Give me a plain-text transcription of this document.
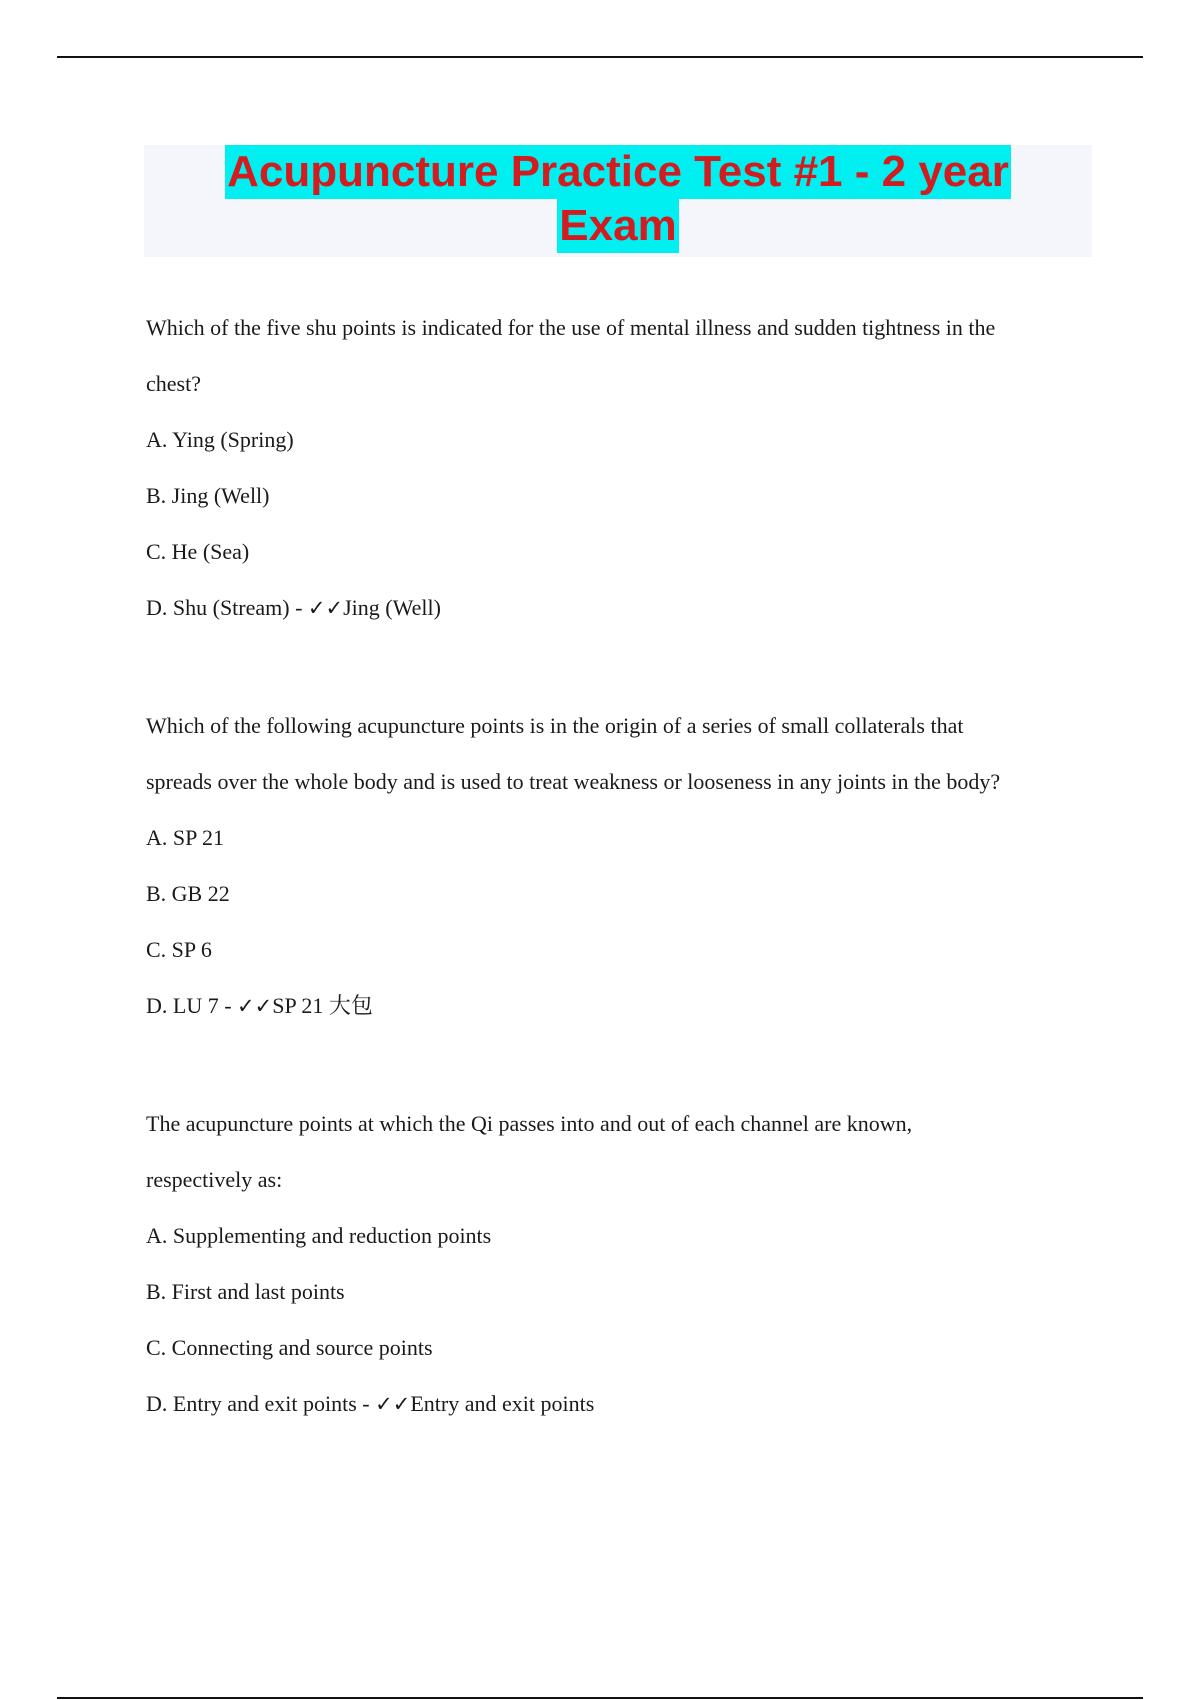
Acupuncture Practice Test #1 - 2 year
Exam

Which of the five shu points is indicated for the use of mental illness and sudden tightness in the

chest?

A. Ying (Spring)

B. Jing (Well)

C. He (Sea)

D. Shu (Stream) - ✓✓Jing (Well)

Which of the following acupuncture points is in the origin of a series of small collaterals that

spreads over the whole body and is used to treat weakness or looseness in any joints in the body?

A. SP 21

B. GB 22

C. SP 6

D. LU 7 - ✓✓SP 21 大包

The acupuncture points at which the Qi passes into and out of each channel are known,

respectively as:

A. Supplementing and reduction points

B. First and last points

C. Connecting and source points

D. Entry and exit points - ✓✓Entry and exit points
